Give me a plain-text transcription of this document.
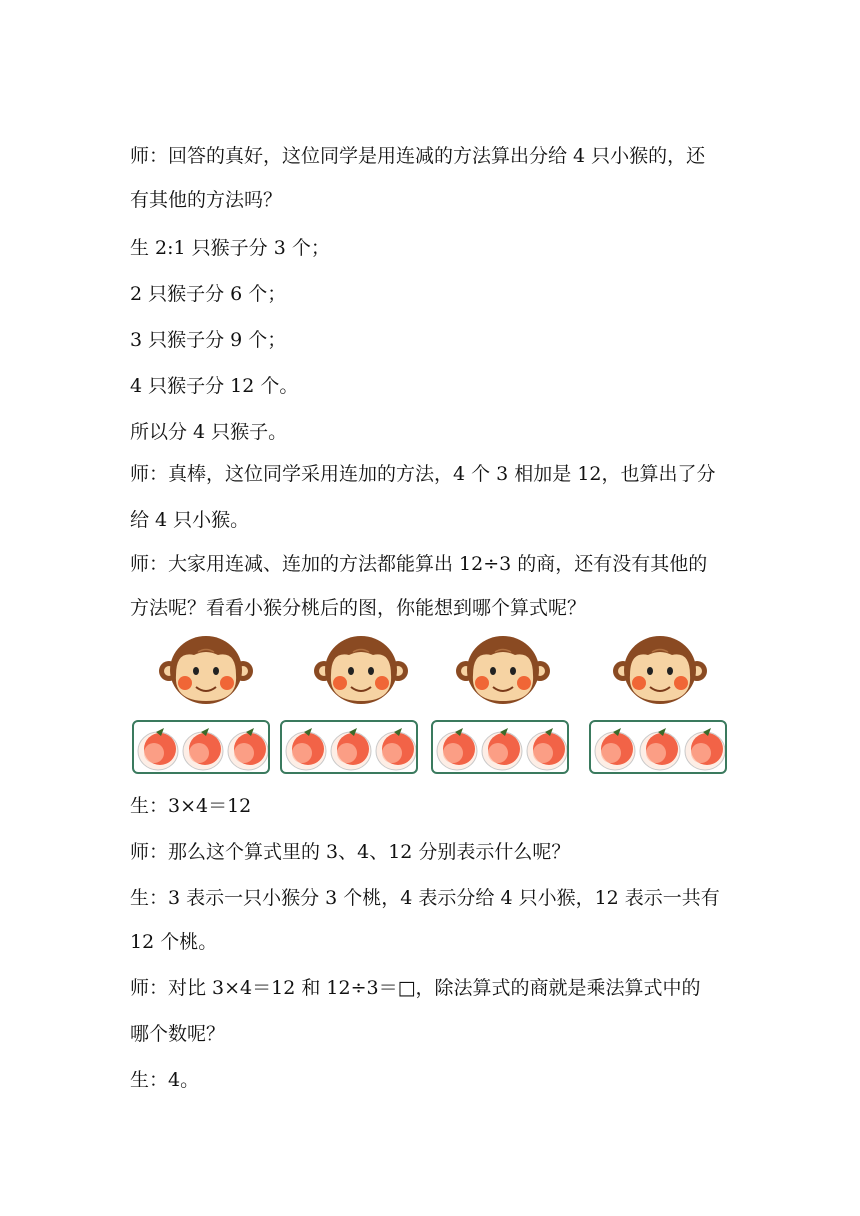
师：回答的真好，这位同学是用连减的方法算出分给 4 只小猴的，还

有其他的方法吗？

生 2:1 只猴子分 3 个；

2 只猴子分 6 个；

3 只猴子分 9 个；

4 只猴子分 12 个。

所以分 4 只猴子。

师：真棒，这位同学采用连加的方法，4 个 3 相加是 12，也算出了分

给 4 只小猴。

师：大家用连减、连加的方法都能算出 12÷3 的商，还有没有其他的

方法呢？看看小猴分桃后的图，你能想到哪个算式呢？

生：3×4＝12

师：那么这个算式里的 3、4、12 分别表示什么呢？

生：3 表示一只小猴分 3 个桃，4 表示分给 4 只小猴，12 表示一共有

12 个桃。

师：对比 3×4＝12 和 12÷3＝□，除法算式的商就是乘法算式中的

哪个数呢？

生：4。
